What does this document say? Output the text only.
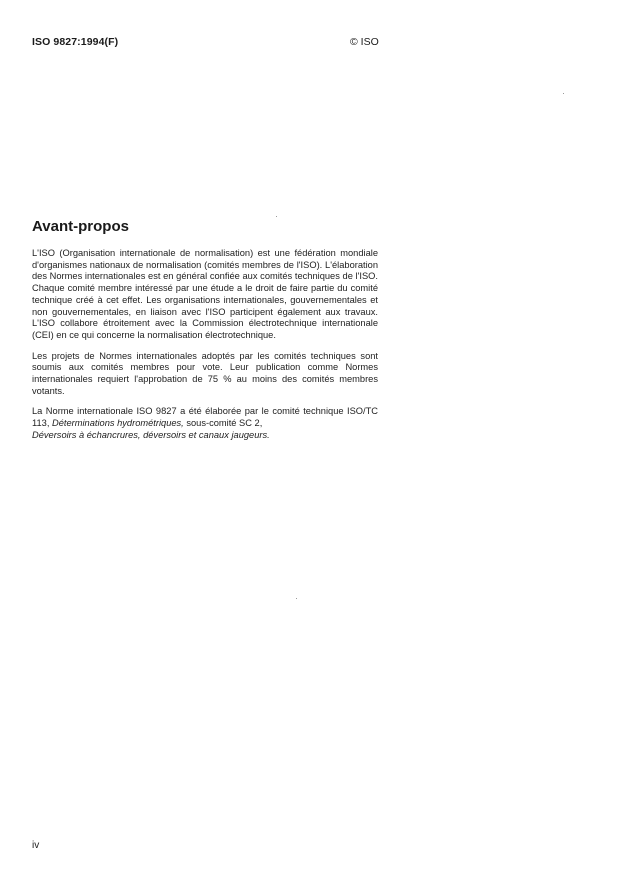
ISO 9827:1994(F)	© ISO
Avant-propos

L'ISO (Organisation internationale de normalisation) est une fédération mondiale d'organismes nationaux de normalisation (comités membres de l'ISO). L'élaboration des Normes internationales est en général confiée aux comités techniques de l'ISO. Chaque comité membre intéressé par une étude a le droit de faire partie du comité technique créé à cet effet. Les organisations internationales, gouvernementales et non gouvernementales, en liaison avec l'ISO participent également aux travaux. L'ISO collabore étroitement avec la Commission électrotechnique internationale (CEI) en ce qui concerne la normalisation électrotechnique.

Les projets de Normes internationales adoptés par les comités techniques sont soumis aux comités membres pour vote. Leur publication comme Normes internationales requiert l'approbation de 75 % au moins des comités membres votants.

La Norme internationale ISO 9827 a été élaborée par le comité technique ISO/TC 113, Déterminations hydrométriques, sous-comité SC 2,
Déversoirs à échancrures, déversoirs et canaux jaugeurs.

iv
